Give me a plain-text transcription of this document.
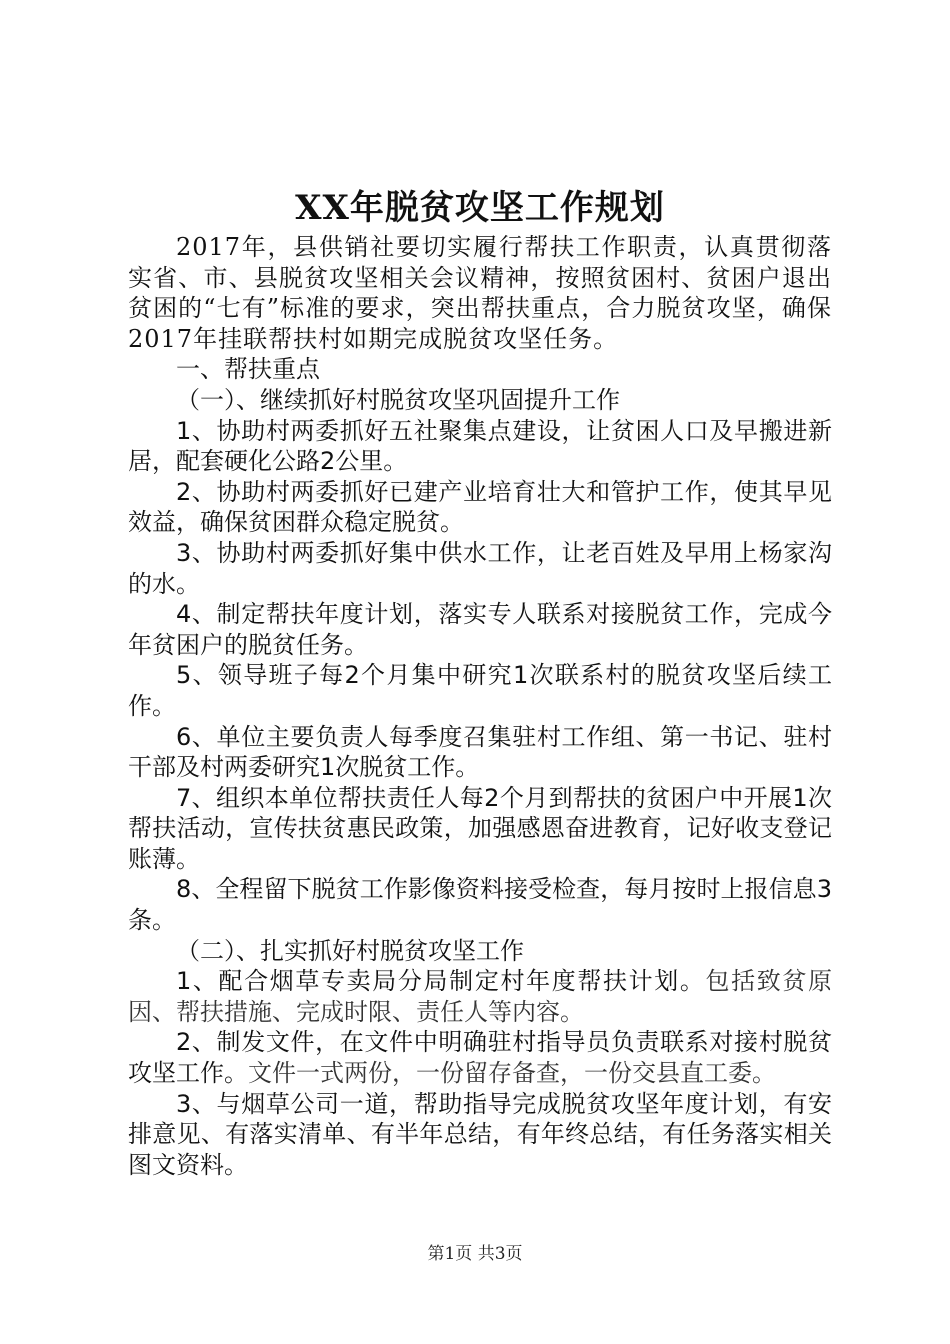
XX年脱贫攻坚工作规划

2017年，县供销社要切实履行帮扶工作职责，认真贯彻落实省、市、县脱贫攻坚相关会议精神，按照贫困村、贫困户退出贫困的“七有”标准的要求，突出帮扶重点，合力脱贫攻坚，确保2017年挂联帮扶村如期完成脱贫攻坚任务。

一、帮扶重点

（一）、继续抓好村脱贫攻坚巩固提升工作

1、协助村两委抓好五社聚集点建设，让贫困人口及早搬进新居，配套硬化公路2公里。

2、协助村两委抓好已建产业培育壮大和管护工作，使其早见效益，确保贫困群众稳定脱贫。

3、协助村两委抓好集中供水工作，让老百姓及早用上杨家沟的水。

4、制定帮扶年度计划，落实专人联系对接脱贫工作，完成今年贫困户的脱贫任务。

5、领导班子每2个月集中研究1次联系村的脱贫攻坚后续工作。

6、单位主要负责人每季度召集驻村工作组、第一书记、驻村干部及村两委研究1次脱贫工作。

7、组织本单位帮扶责任人每2个月到帮扶的贫困户中开展1次帮扶活动，宣传扶贫惠民政策，加强感恩奋进教育，记好收支登记账薄。

8、全程留下脱贫工作影像资料接受检查，每月按时上报信息3条。

（二）、扎实抓好村脱贫攻坚工作

1、配合烟草专卖局分局制定村年度帮扶计划。包括致贫原因、帮扶措施、完成时限、责任人等内容。

2、制发文件，在文件中明确驻村指导员负责联系对接村脱贫攻坚工作。文件一式两份，一份留存备查，一份交县直工委。

3、与烟草公司一道，帮助指导完成脱贫攻坚年度计划，有安排意见、有落实清单、有半年总结，有年终总结，有任务落实相关图文资料。

第1页 共3页
